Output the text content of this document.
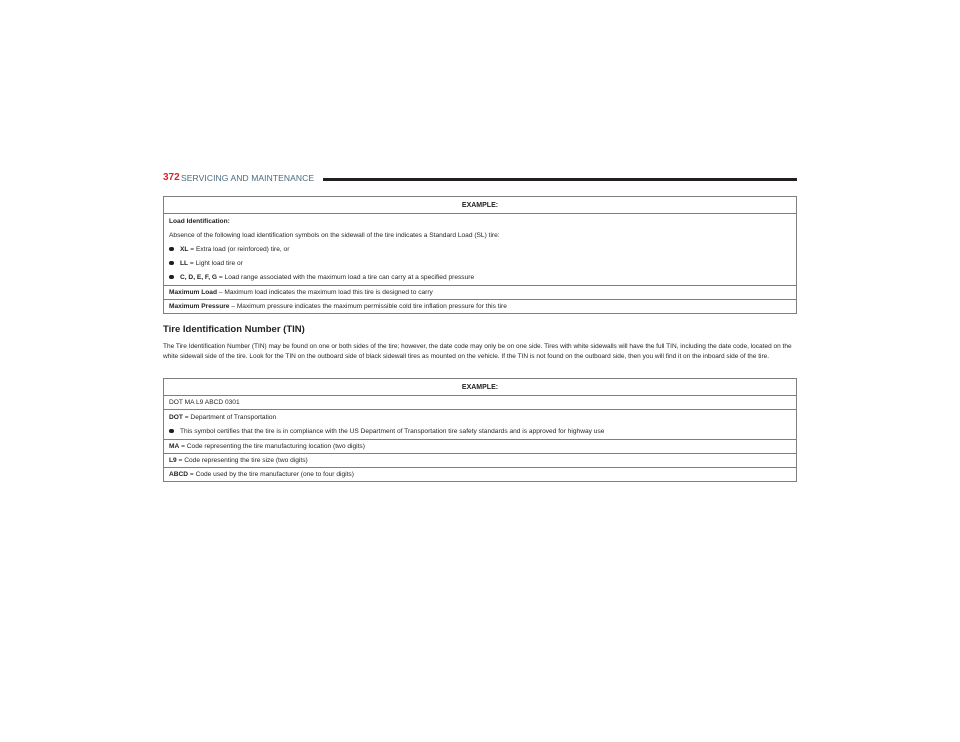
372 SERVICING AND MAINTENANCE
EXAMPLE:

Load Identification:
Absence of the following load identification symbols on the sidewall of the tire indicates a Standard Load (SL) tire:
XL = Extra load (or reinforced) tire, or
LL = Light load tire or
C, D, E, F, G = Load range associated with the maximum load a tire can carry at a specified pressure

Maximum Load – Maximum load indicates the maximum load this tire is designed to carry
Maximum Pressure – Maximum pressure indicates the maximum permissible cold tire inflation pressure for this tire
Tire Identification Number (TIN)

The Tire Identification Number (TIN) may be found on one or both sides of the tire; however, the date code may only be on one side. Tires with white sidewalls will have the full TIN, including the date code, located on the white sidewall side of the tire. Look for the TIN on the outboard side of black sidewall tires as mounted on the vehicle. If the TIN is not found on the outboard side, then you will find it on the inboard side of the tire.

EXAMPLE:
DOT MA L9 ABCD 0301

DOT = Department of Transportation
This symbol certifies that the tire is in compliance with the US Department of Transportation tire safety standards and is approved for highway use

MA = Code representing the tire manufacturing location (two digits)
L9 = Code representing the tire size (two digits)
ABCD = Code used by the tire manufacturer (one to four digits)
